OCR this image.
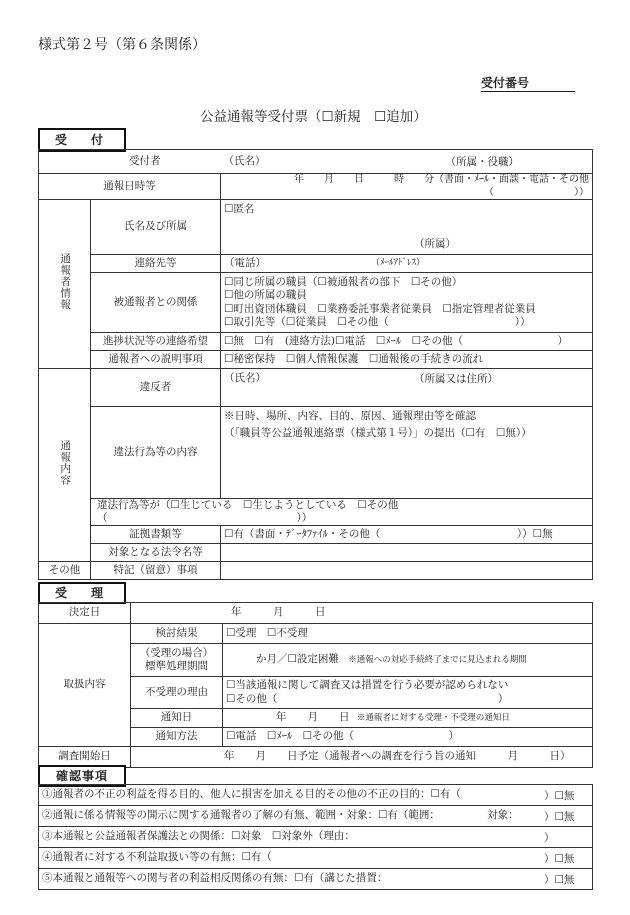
様式第２号（第６条関係）
受付番号
公益通報等受付票（☐新規　☐追加）
受　付
受付者		（氏名） （所属・役職）

通報日時等		年　　月　　日　　　時　　分（書面・ﾒｰﾙ・面談・電話・その他（　　　　　　　　））
通報者情報	氏名及び所属	☐匿名
（所属）

	連絡先等	（電話） （ﾒｰﾙｱﾄﾞﾚｽ）

	被通報者との関係	☐同じ所属の職員（☐被通報者の部下　☐その他）
☐他の所属の職員
☐町出資団体職員　☐業務委託事業者従業員　☐指定管理者従業員
☐取引先等（☐従業員　☐その他（　　　　　　　　　　　　））

	進捗状況等の連絡希望	☐無　☐有　(連絡方法)☐電話　☐ﾒｰﾙ　☐その他（　　　　　　　　　）
	通報者への説明事項	☐秘密保持　☐個人情報保護　☐通報後の手続きの流れ
通報内容	違反者	（氏名） （所属又は住所）

	違法行為等の内容	※日時、場所、内容、目的、原因、通報理由等を確認
（「職員等公益通報連絡票（様式第１号）」の提出（☐有　☐無））

	違法行為等が（☐生じている　☐生じようとしている　☐その他（　　　　　　　　　　　　　　　　　　））	
	証拠書類等	☐有（書面・ﾃﾞｰﾀﾌｧｲﾙ・その他（　　　　　　　　　　　　　））☐無
	対象となる法令名等	
その他	特記（留意）事項	
受　理
決定日	年　　　月　　　日	
取扱内容	検討結果	☐受理　☐不受理

	（受理の場合）
標準処理期間	か月／☐設定困難 ※通報への対応手続終了までに見込まれる期間
	不受理の理由	☐当該通報に関して調査又は措置を行う必要が認められない
☐その他（　　　　　　　　　　　　　　　　　　　　　）

	通知日	年　　月　　日 ※通報者に対する受理・不受理の通知日
	通知方法	☐電話　☐ﾒｰﾙ　☐その他（　　　　　　　　　）
調査開始日	年　　月　　日予定（通報者への調査を行う旨の通知　　　月　　　日）	
確認事項
①通報者の不正の利益を得る目的、他人に損害を加える目的その他の不正の目的：☐有（	）☐無

②通報に係る情報等の開示に関する通報者の了解の有無、範囲・対象：☐有（範囲：　　　　　対象： ）☐無

③本通報と公益通報者保護法との関係：☐対象　☐対象外（理由：	）

④通報者に対する不利益取扱い等の有無：☐有（	）☐無

⑤本通報と通報等への関与者の利益相反関係の有無：☐有（講じた措置：	）☐無
